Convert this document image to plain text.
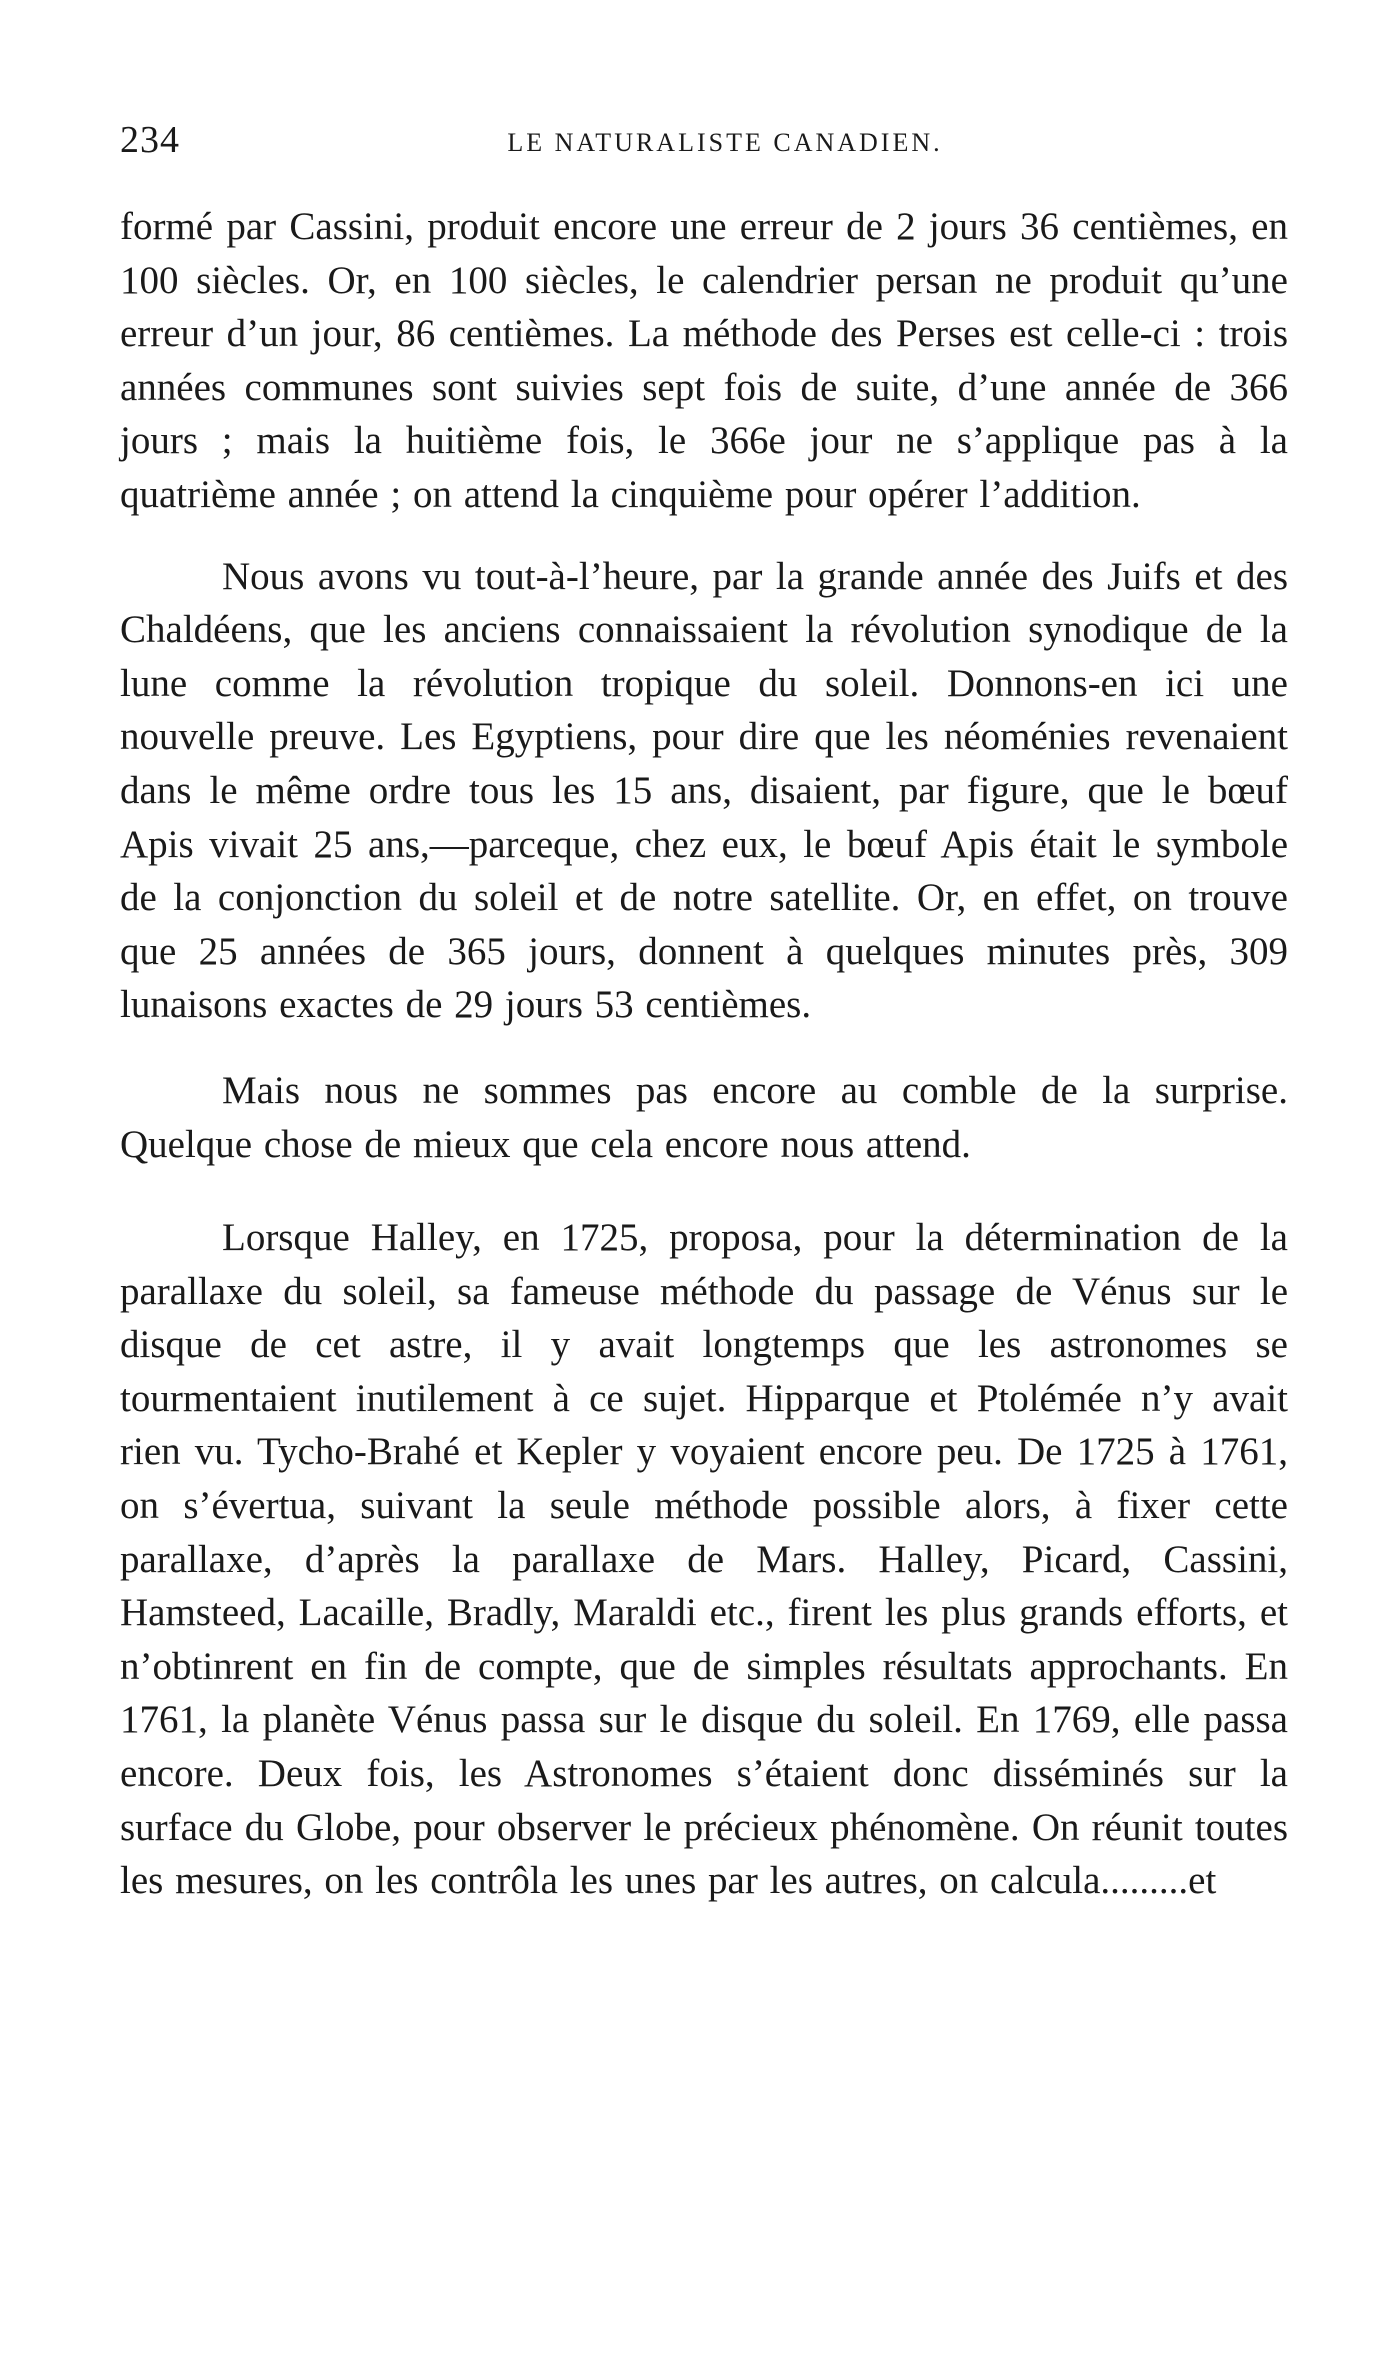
234	LE NATURALISTE CANADIEN.

formé par Cassini, produit encore une erreur de 2 jours 36 centièmes, en 100 siècles. Or, en 100 siècles, le calendrier persan ne produit qu’une erreur d’un jour, 86 centièmes. La méthode des Perses est celle-ci : trois années communes sont suivies sept fois de suite, d’une année de 366 jours ; mais la huitième fois, le 366e jour ne s’applique pas à la quatrième année ; on attend la cinquième pour opérer l’addition.

Nous avons vu tout-à-l’heure, par la grande année des Juifs et des Chaldéens, que les anciens connaissaient la révolution synodique de la lune comme la révolution tropique du soleil. Donnons-en ici une nouvelle preuve. Les Egyptiens, pour dire que les néoménies revenaient dans le même ordre tous les 15 ans, disaient, par figure, que le bœuf Apis vivait 25 ans,—parceque, chez eux, le bœuf Apis était le symbole de la conjonction du soleil et de notre satellite. Or, en effet, on trouve que 25 années de 365 jours, donnent à quelques minutes près, 309 lunaisons exactes de 29 jours 53 centièmes.

Mais nous ne sommes pas encore au comble de la surprise. Quelque chose de mieux que cela encore nous attend.

Lorsque Halley, en 1725, proposa, pour la détermination de la parallaxe du soleil, sa fameuse méthode du passage de Vénus sur le disque de cet astre, il y avait longtemps que les astronomes se tourmentaient inutilement à ce sujet. Hipparque et Ptolémée n’y avait rien vu. Tycho-Brahé et Kepler y voyaient encore peu. De 1725 à 1761, on s’évertua, suivant la seule méthode possible alors, à fixer cette parallaxe, d’après la parallaxe de Mars. Halley, Picard, Cassini, Hamsteed, Lacaille, Bradly, Maraldi etc., firent les plus grands efforts, et n’obtinrent en fin de compte, que de simples résultats approchants. En 1761, la planète Vénus passa sur le disque du soleil. En 1769, elle passa encore. Deux fois, les Astronomes s’étaient donc disséminés sur la surface du Globe, pour observer le précieux phénomène. On réunit toutes les mesures, on les contrôla les unes par les autres, on calcula.........et
